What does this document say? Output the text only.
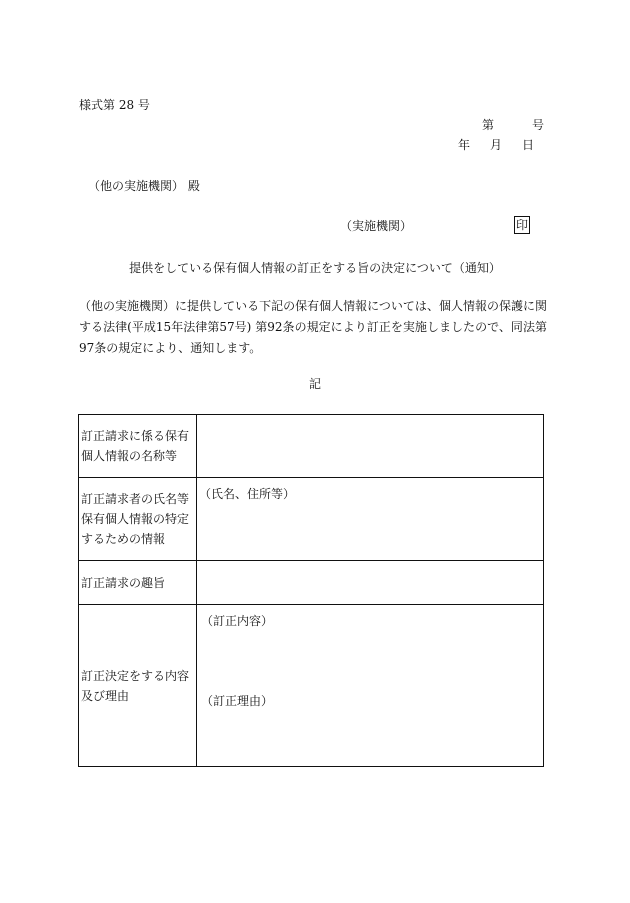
様式第 28 号
第	号
年 月 日
（他の実施機関） 殿
（実施機関）	印
提供をしている保有個人情報の訂正をする旨の決定について（通知）
（他の実施機関）に提供している下記の保有個人情報については、個人情報の保護に関する法律(平成15年法律第57号) 第92条の規定により訂正を実施しましたので、同法第97条の規定により、通知します。
記
訂正請求に係る保有個人情報の名称等	
訂正請求者の氏名等保有個人情報の特定するための情報	（氏名、住所等）
訂正請求の趣旨	
訂正決定をする内容及び理由	（訂正内容）
（訂正理由）
